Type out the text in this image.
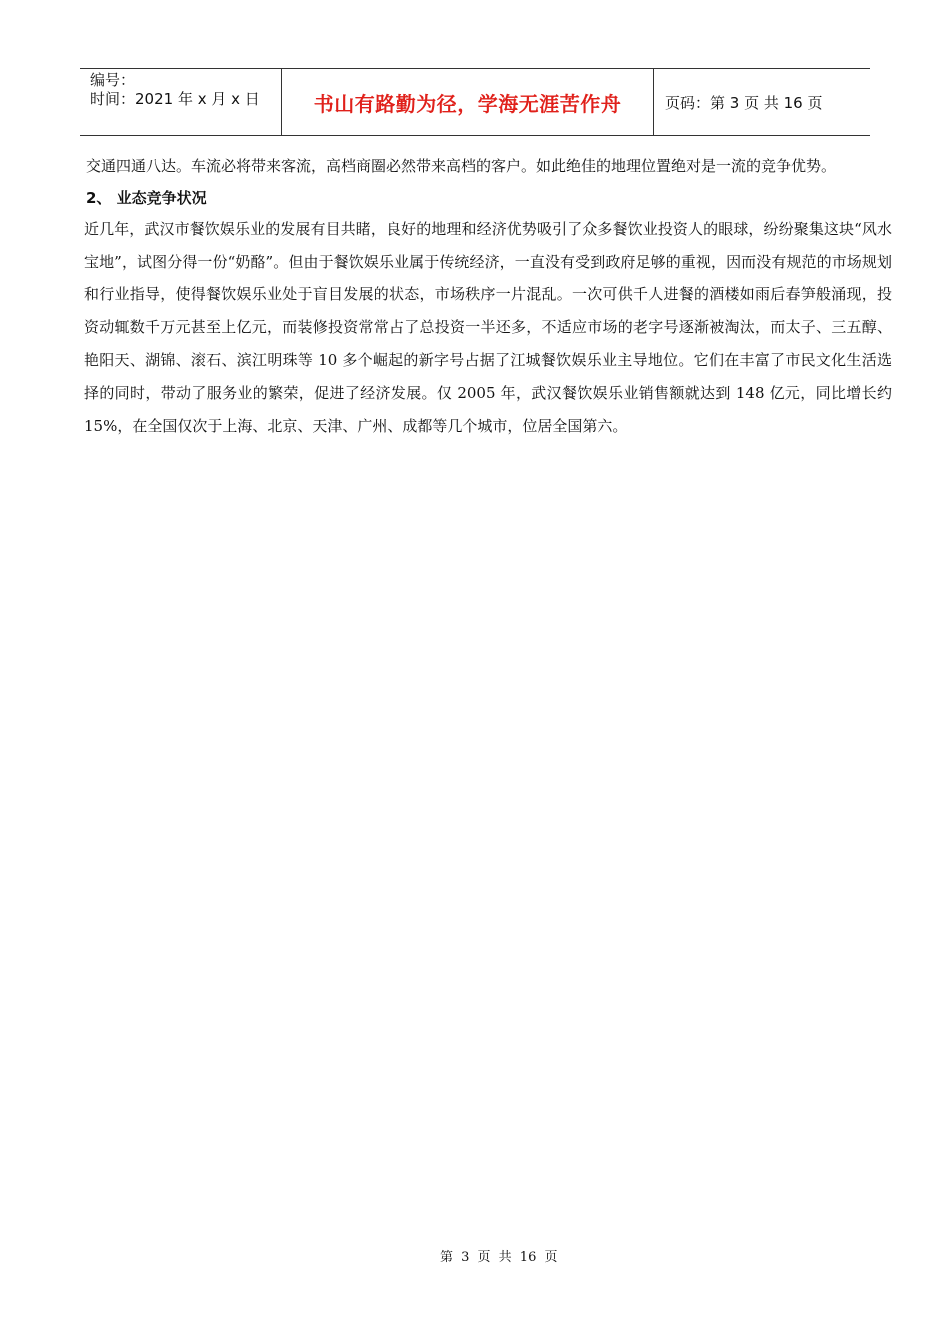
编号：
时间：2021 年 x 月 x 日	书山有路勤为径，学海无涯苦作舟	页码：第 3 页 共 16 页

交通四通八达。车流必将带来客流，高档商圈必然带来高档的客户。如此绝佳的地理位置绝对是一流的竞争优势。

2、 业态竞争状况

近几年，武汉市餐饮娱乐业的发展有目共睹，良好的地理和经济优势吸引了众多餐饮业投资人的眼球，纷纷聚集这块“风水宝地”，试图分得一份“奶酪”。但由于餐饮娱乐业属于传统经济，一直没有受到政府足够的重视，因而没有规范的市场规划和行业指导，使得餐饮娱乐业处于盲目发展的状态，市场秩序一片混乱。一次可供千人进餐的酒楼如雨后春笋般涌现，投资动辄数千万元甚至上亿元，而装修投资常常占了总投资一半还多，不适应市场的老字号逐渐被淘汰，而太子、三五醇、艳阳天、湖锦、滚石、滨江明珠等 10 多个崛起的新字号占据了江城餐饮娱乐业主导地位。它们在丰富了市民文化生活选择的同时，带动了服务业的繁荣，促进了经济发展。仅 2005 年，武汉餐饮娱乐业销售额就达到 148 亿元，同比增长约 15%，在全国仅次于上海、北京、天津、广州、成都等几个城市，位居全国第六。

第 3 页 共 16 页
